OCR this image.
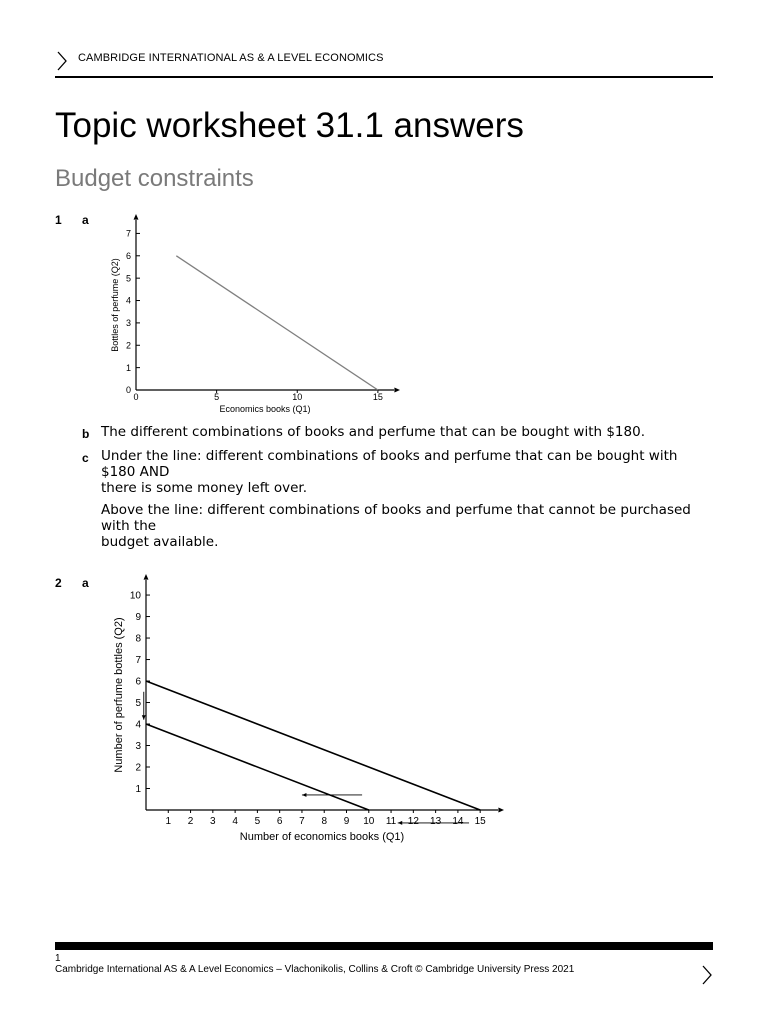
CAMBRIDGE INTERNATIONAL AS & A LEVEL ECONOMICS
Topic worksheet 31.1 answers
Budget constraints
1 a
0	5	10	15
0
1
2
3
4
5
6
7
Economics books (Q1)
Bottles of perfume (Q2)
b The different combinations of books and perfume that can be bought with $180.

c Under the line: different combinations of books and perfume that can be bought with $180 AND
there is some money left over.

Above the line: different combinations of books and perfume that cannot be purchased with the
budget available.

2 a
1 2 3 4 5 6 7 8 9 10 11 12 13 14 15
1
2
3
4
5
6
7
8
9
10
Number of economics books (Q1)
Number of perfume bottles (Q2)
1
Cambridge International AS & A Level Economics – Vlachonikolis, Collins & Croft © Cambridge University Press 2021
